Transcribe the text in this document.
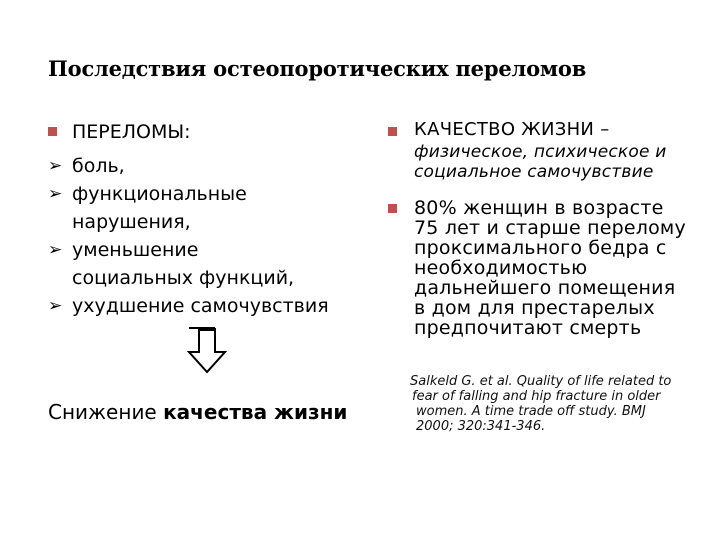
Последствия остеопоротических переломов
ПЕРЕЛОМЫ:
➢ боль,
➢ функциональные
нарушения,
➢ уменьшение
социальных функций,
➢ ухудшение самочувствия
Снижение качества жизни
КАЧЕСТВО ЖИЗНИ –
физическое, психическое и
социальное самочувствие
80% женщин в возрасте
75 лет и старше перелому
проксимального бедра с
необходимостью
дальнейшего помещения
в дом для престарелых
предпочитают смерть
Salkeld G. et al. Quality of life related to
fear of falling and hip fracture in older
women. A time trade off study. BMJ
2000; 320:341-346.
